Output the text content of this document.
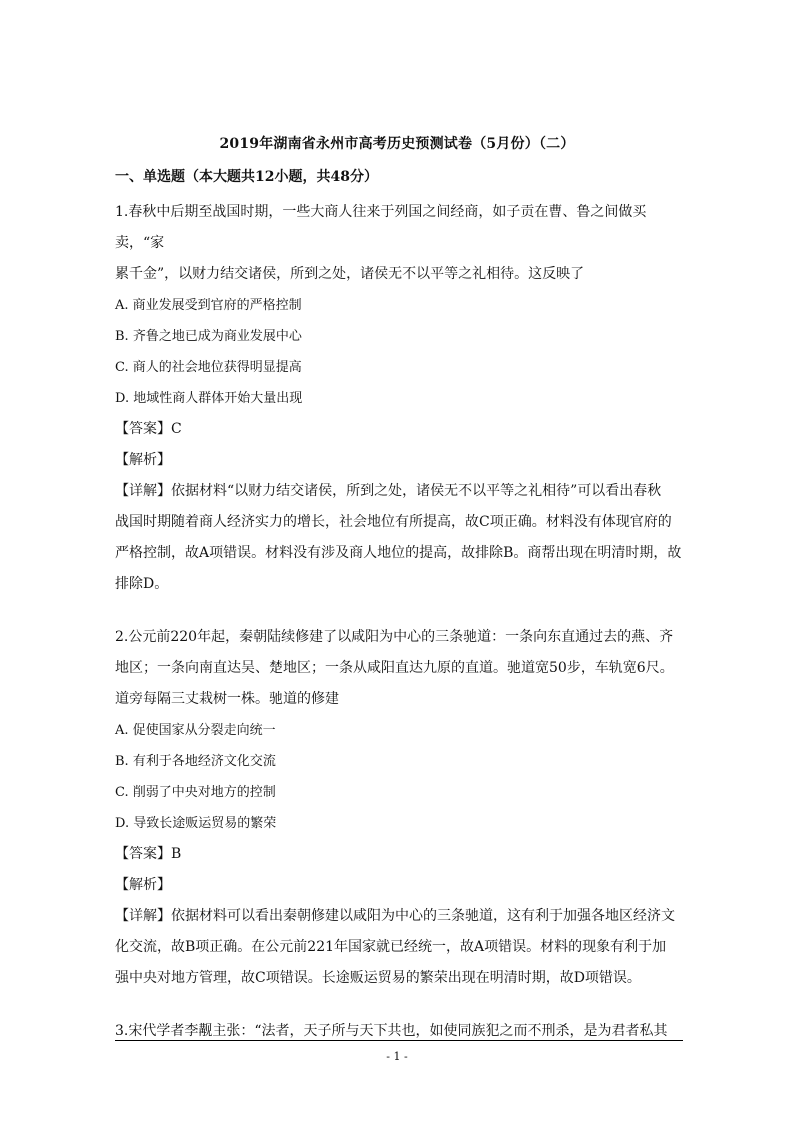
2019年湖南省永州市高考历史预测试卷（5月份）（二）
一、单选题（本大题共12小题，共48分）

1.春秋中后期至战国时期，一些大商人往来于列国之间经商，如子贡在曹、鲁之间做买卖，“家

累千金”，以财力结交诸侯，所到之处，诸侯无不以平等之礼相待。这反映了

A. 商业发展受到官府的严格控制

B. 齐鲁之地已成为商业发展中心

C. 商人的社会地位获得明显提高

D. 地域性商人群体开始大量出现

【答案】C

【解析】

【详解】依据材料“以财力结交诸侯，所到之处，诸侯无不以平等之礼相待”可以看出春秋

战国时期随着商人经济实力的增长，社会地位有所提高，故C项正确。材料没有体现官府的

严格控制，故A项错误。材料没有涉及商人地位的提高，故排除B。商帮出现在明清时期，故

排除D。

2.公元前220年起，秦朝陆续修建了以咸阳为中心的三条驰道：一条向东直通过去的燕、齐

地区；一条向南直达吴、楚地区；一条从咸阳直达九原的直道。驰道宽50步，车轨宽6尺。

道旁每隔三丈栽树一株。驰道的修建

A. 促使国家从分裂走向统一

B. 有利于各地经济文化交流

C. 削弱了中央对地方的控制

D. 导致长途贩运贸易的繁荣

【答案】B

【解析】

【详解】依据材料可以看出秦朝修建以咸阳为中心的三条驰道，这有利于加强各地区经济文

化交流，故B项正确。在公元前221年国家就已经统一，故A项错误。材料的现象有利于加

强中央对地方管理，故C项错误。长途贩运贸易的繁荣出现在明清时期，故D项错误。

3.宋代学者李觏主张：“法者，天子所与天下共也，如使同族犯之而不刑杀，是为君者私其

- 1 -
